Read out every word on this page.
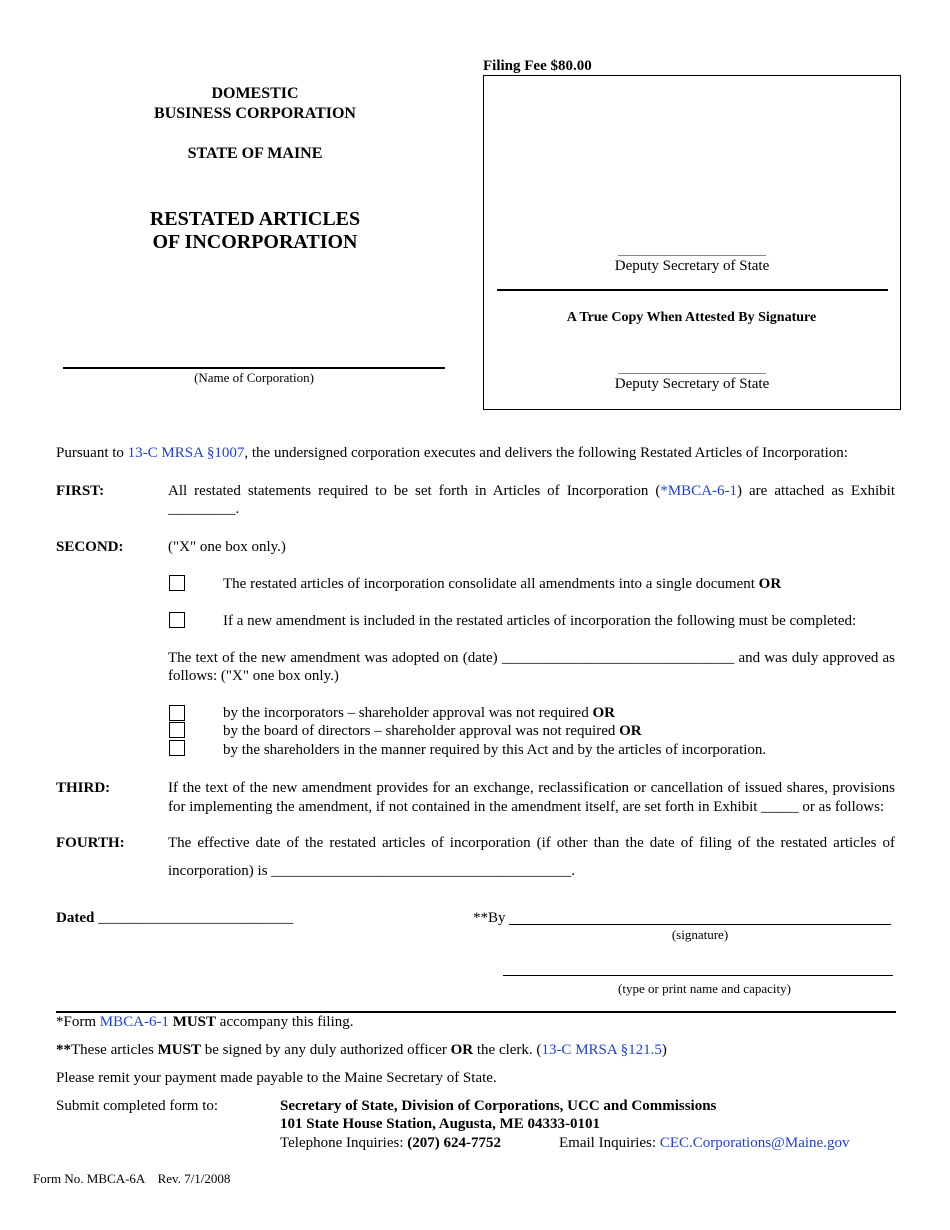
DOMESTIC
BUSINESS CORPORATION
STATE OF MAINE
RESTATED ARTICLES
OF INCORPORATION
(Name of Corporation)
Filing Fee $80.00
Deputy Secretary of State
A True Copy When Attested By Signature
Deputy Secretary of State
Pursuant to 13-C MRSA §1007, the undersigned corporation executes and delivers the following Restated Articles of Incorporation:
FIRST:	All restated statements required to be set forth in Articles of Incorporation (*MBCA-6-1) are attached as Exhibit
_________.
SECOND:	("X" one box only.)
The restated articles of incorporation consolidate all amendments into a single document OR
If a new amendment is included in the restated articles of incorporation the following must be completed:
The text of the new amendment was adopted on (date) _______________________________ and was duly approved as
follows: ("X" one box only.)
by the incorporators – shareholder approval was not required OR
by the board of directors – shareholder approval was not required OR
by the shareholders in the manner required by this Act and by the articles of incorporation.
THIRD:	If the text of the new amendment provides for an exchange, reclassification or cancellation of issued shares, provisions for implementing the amendment, if not contained in the amendment itself, are set forth in Exhibit _____ or as follows:
FOURTH:	The effective date of the restated articles of incorporation (if other than the date of filing of the restated articles of
incorporation) is ________________________________________.
Dated __________________________	**By
(signature)
(type or print name and capacity)
*Form MBCA-6-1 MUST accompany this filing.
**These articles MUST be signed by any duly authorized officer OR the clerk. (13-C MRSA §121.5)
Please remit your payment made payable to the Maine Secretary of State.
Submit completed form to:	Secretary of State, Division of Corporations, UCC and Commissions
101 State House Station, Augusta, ME 04333-0101
Telephone Inquiries: (207) 624-7752	Email Inquiries: CEC.Corporations@Maine.gov
Form No. MBCA-6A    Rev. 7/1/2008
